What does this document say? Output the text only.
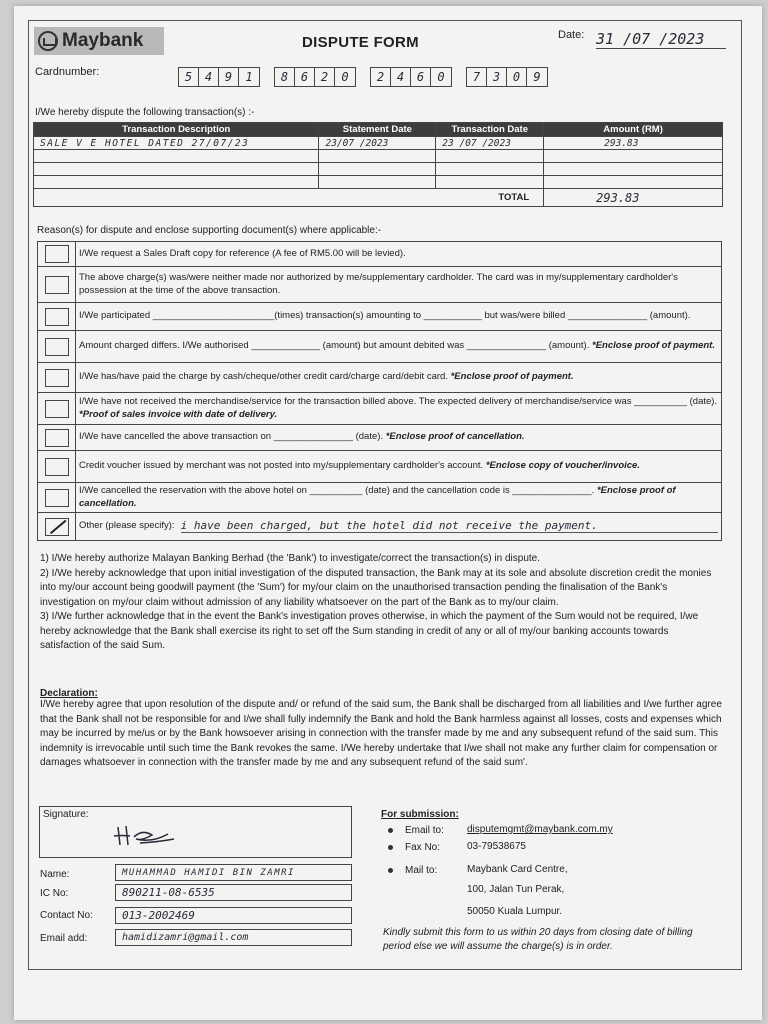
Maybank	DISPUTE FORM	Date: 31 /07 /2023
Cardnumber:	5	4	9	1	8	6	2	0	2	4	6	0	7	3	0	9
I/We hereby dispute the following transaction(s) :-
Transaction Description	Statement Date	Transaction Date	Amount (RM)
SALE V E HOTEL DATED 27/07/23	23/07 /2023	23 /07 /2023	293.83

TOTAL			293.83
Reason(s) for dispute and enclose supporting document(s) where applicable:-
I/We request a Sales Draft copy for reference (A fee of RM5.00 will be levied).
The above charge(s) was/were neither made nor authorized by me/supplementary cardholder. The card was in my/supplementary cardholder's possession at the time of the above transaction.
I/We participated _______________________(times) transaction(s) amounting to ___________ but was/were billed _______________ (amount).
Amount charged differs. I/We authorised _____________ (amount) but amount debited was _______________ (amount). *Enclose proof of payment.
I/We has/have paid the charge by cash/cheque/other credit card/charge card/debit card. *Enclose proof of payment.
I/We have not received the merchandise/service for the transaction billed above. The expected delivery of merchandise/service was __________ (date). *Proof of sales invoice with date of delivery.
I/We have cancelled the above transaction on _______________ (date). *Enclose proof of cancellation.
Credit voucher issued by merchant was not posted into my/supplementary cardholder's account. *Enclose copy of voucher/invoice.
I/We cancelled the reservation with the above hotel on __________ (date) and the cancellation code is _______________. *Enclose proof of cancellation.
Other (please specify): i have been charged, but the hotel did not receive the payment.
1) I/We hereby authorize Malayan Banking Berhad (the 'Bank') to investigate/correct the transaction(s) in dispute.
2) I/We hereby acknowledge that upon initial investigation of the disputed transaction, the Bank may at its sole and absolute discretion credit the monies into my/our account being goodwill payment (the 'Sum') for my/our claim on the unauthorised transaction pending the finalisation of the Bank's investigation on my/our claim without admission of any liability whatsoever on the part of the Bank as to my/our claim.
3) I/We further acknowledge that in the event the Bank's investigation proves otherwise, in which the payment of the Sum would not be required, I/we hereby acknowledge that the Bank shall exercise its right to set off the Sum standing in credit of any or all of my/our banking accounts towards satisfaction of the said Sum.
Declaration:
I/We hereby agree that upon resolution of the dispute and/ or refund of the said sum, the Bank shall be discharged from all liabilities and I/we further agree that the Bank shall not be responsible for and I/we shall fully indemnify the Bank and hold the Bank harmless against all losses, costs and expenses which may be incurred by me/us or by the Bank howsoever arising in connection with the transfer made by me and any subsequent refund of the said sum. This indemnity is irrevocable until such time the Bank revokes the same. I/We hereby undertake that I/we shall not make any further claim for compensation or damages whatsoever in connection with the transfer made by me and any subsequent refund of the said sum'.
Signature:
Name:	MUHAMMAD HAMIDI BIN ZAMRI
IC No:	890211-08-6535
Contact No:	013-2002469
Email add:	hamidizamri@gmail.com
For submission:
Email to: disputemgmt@maybank.com.my
Fax No:	03-79538675
Mail to:	Maybank Card Centre,
100, Jalan Tun Perak,
50050 Kuala Lumpur.
Kindly submit this form to us within 20 days from closing date of billing period else we will assume the charge(s) is in order.
